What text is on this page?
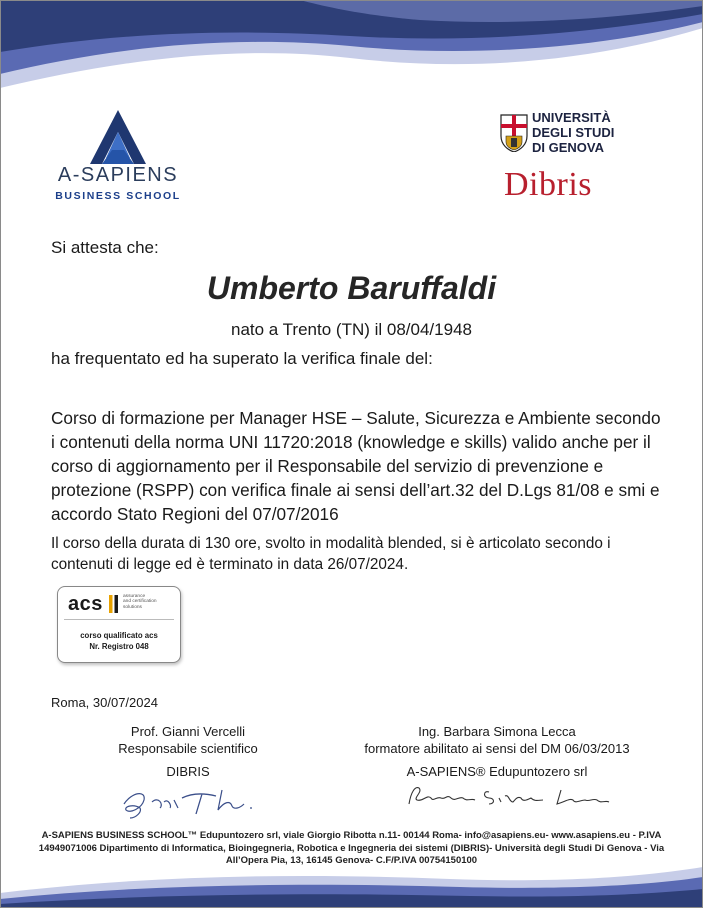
A-SAPIENS
BUSINESS SCHOOL
UNIVERSITÀ
DEGLI STUDI
DI GENOVA
Dibris
Si attesta che:
Umberto Baruffaldi
nato a Trento (TN) il 08/04/1948
ha frequentato ed ha superato la verifica finale del:
Corso di formazione per Manager HSE – Salute, Sicurezza e Ambiente secondo i contenuti della norma UNI 11720:2018 (knowledge e skills) valido anche per il corso di aggiornamento per il Responsabile del servizio di prevenzione e protezione (RSPP) con verifica finale ai sensi dell’art.32 del D.Lgs 81/08 e smi e accordo Stato Regioni del 07/07/2016
Il corso della durata di 130 ore, svolto in modalità blended, si è articolato secondo i contenuti di legge ed è terminato in data 26/07/2024.
acs	assurance
and certification
solutions
corso qualificato acs
Nr. Registro 048
Roma, 30/07/2024
Prof. Gianni Vercelli
Responsabile scientifico
DIBRIS
Ing. Barbara Simona Lecca
formatore abilitato ai sensi del DM 06/03/2013
A-SAPIENS® Edupuntozero srl
A-SAPIENS BUSINESS SCHOOL™ Edupuntozero srl, viale Giorgio Ribotta n.11- 00144 Roma- info@asapiens.eu- www.asapiens.eu - P.IVA 14949071006 Dipartimento di Informatica, Bioingegneria, Robotica e Ingegneria dei sistemi (DIBRIS)- Università degli Studi Di Genova - Via All’Opera Pia, 13, 16145 Genova- C.F/P.IVA 00754150100
